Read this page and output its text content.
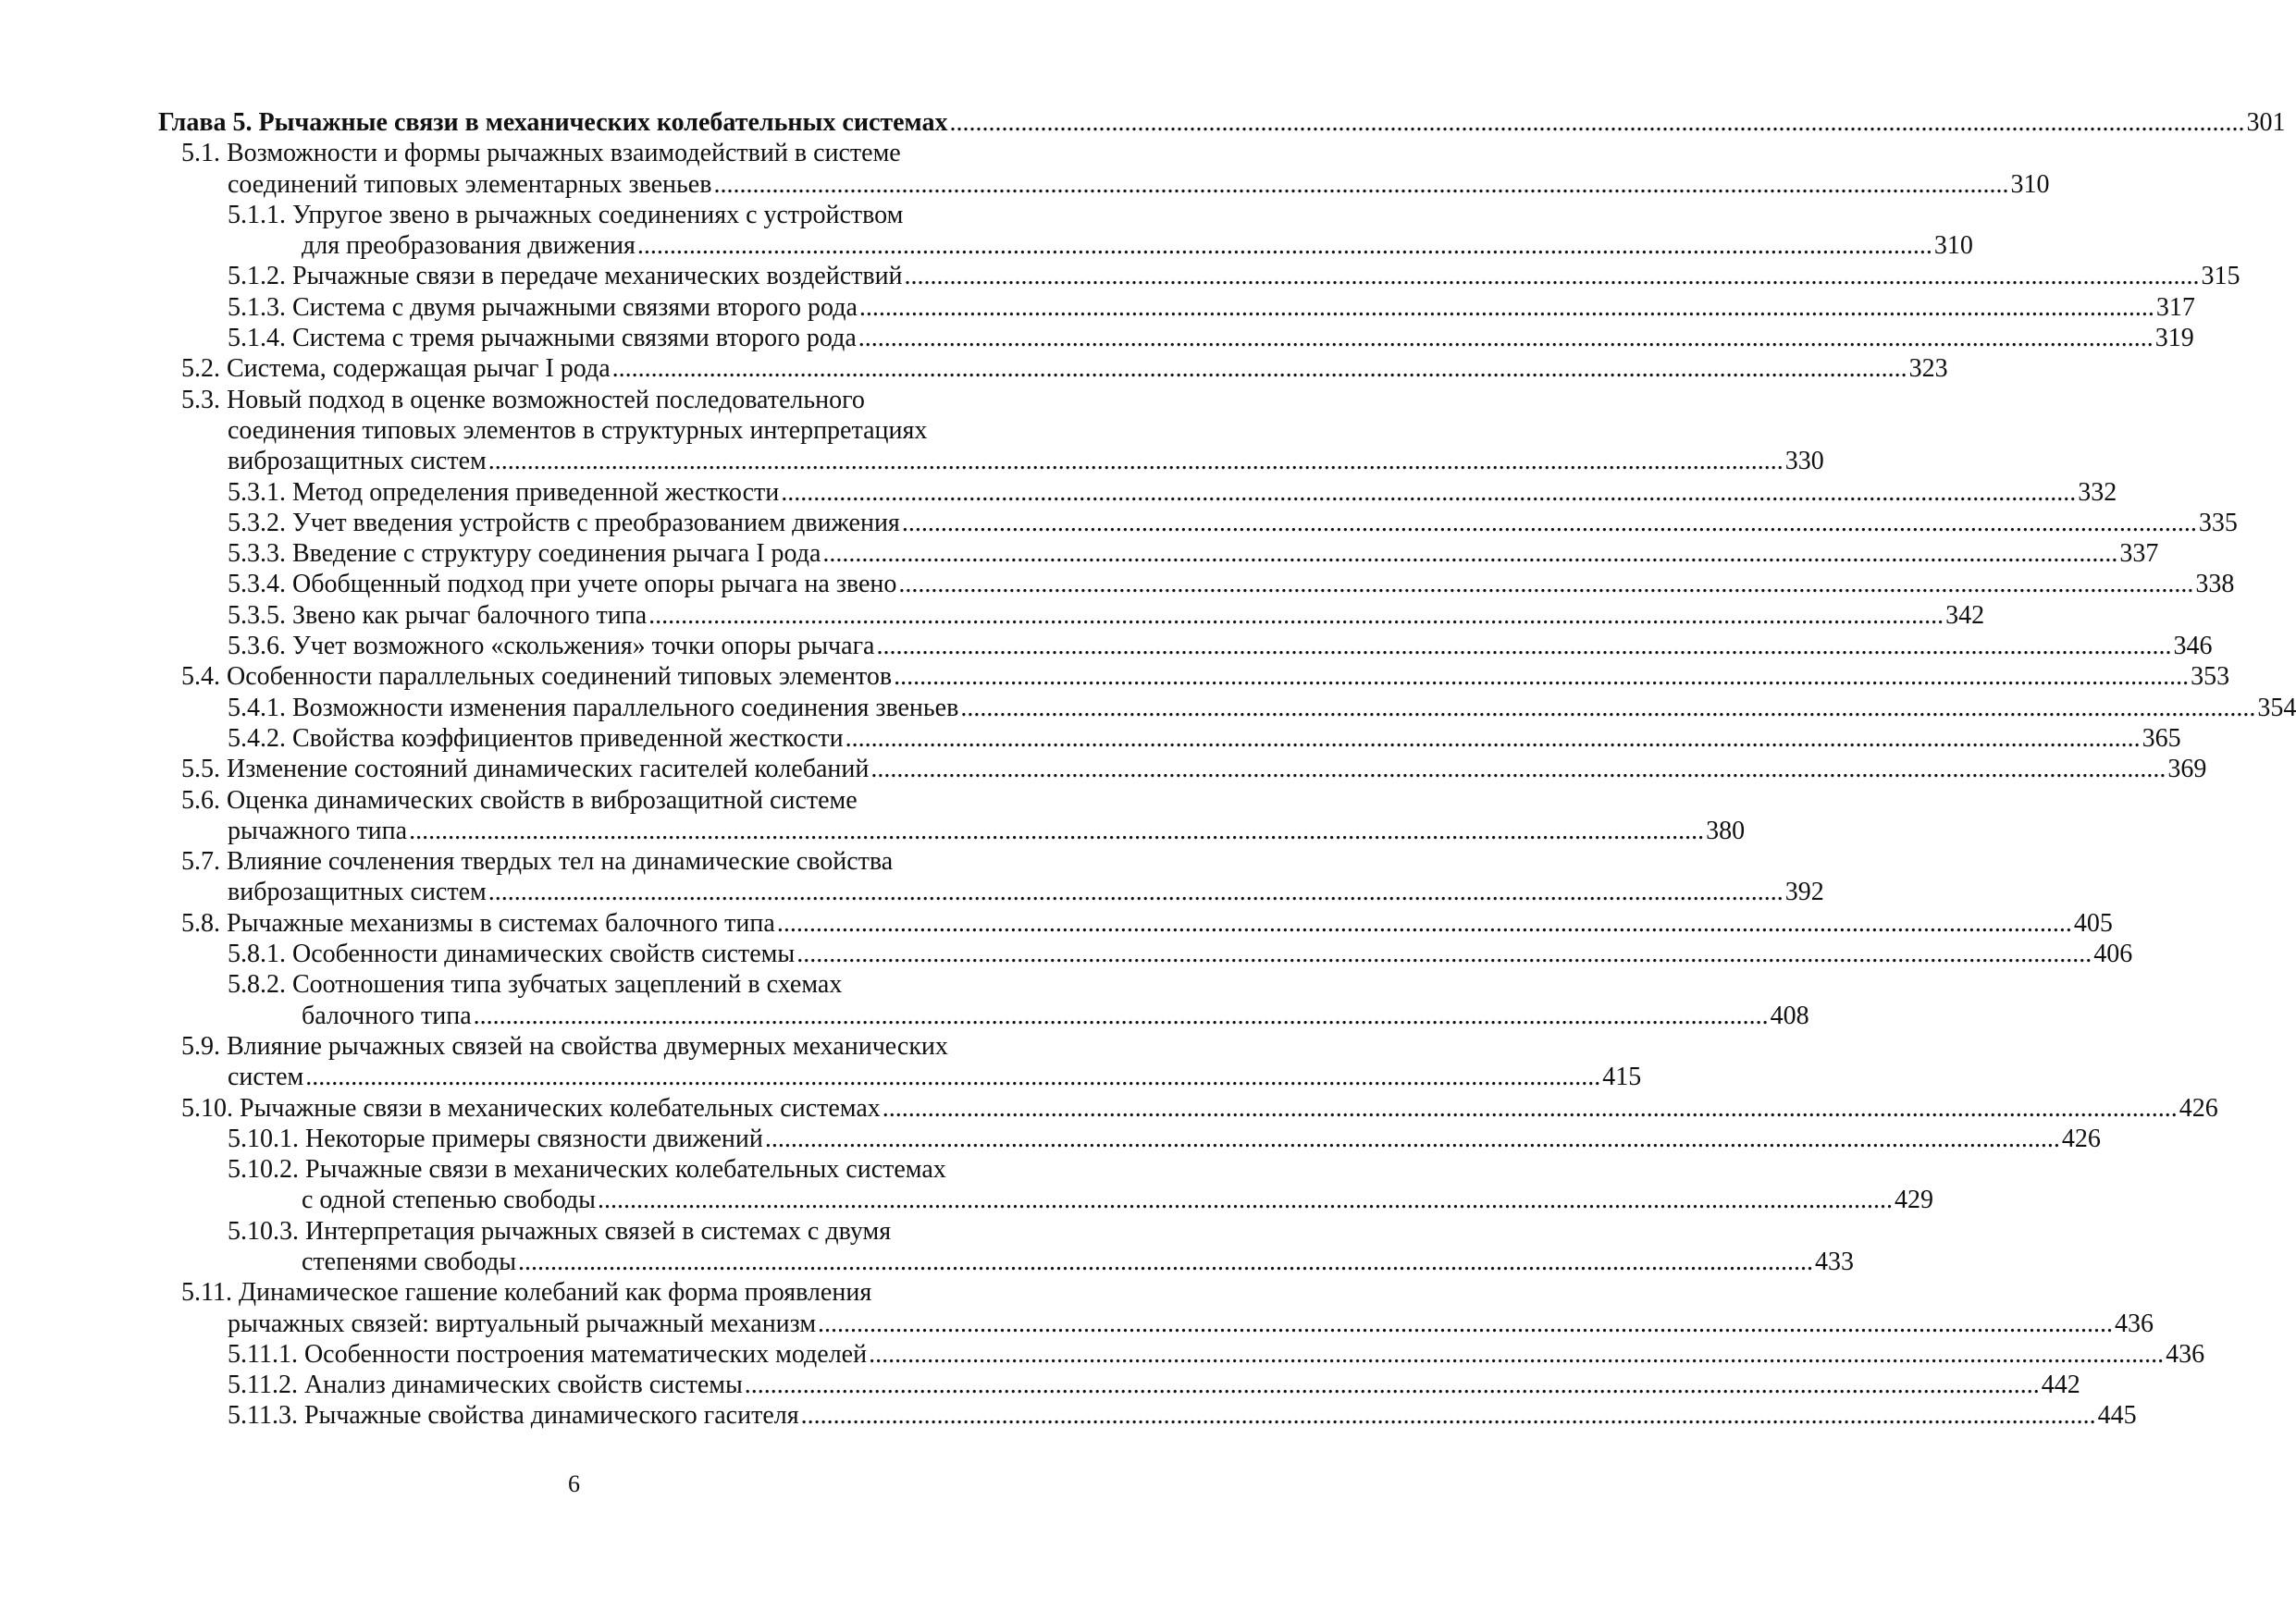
Глава 5. Рычажные связи в механических колебательных системах ........................................................................................................................................................................................................ 301
5.1. Возможности и формы рычажных взаимодействий в системе
соединений типовых элементарных звеньев ........................................................................................................................................................................................................ 310
5.1.1. Упругое звено в рычажных соединениях с устройством
для преобразования движения ........................................................................................................................................................................................................ 310
5.1.2. Рычажные связи в передаче механических воздействий ........................................................................................................................................................................................................ 315
5.1.3. Система с двумя рычажными связями второго рода ........................................................................................................................................................................................................ 317
5.1.4. Система с тремя рычажными связями второго рода ........................................................................................................................................................................................................ 319
5.2. Система, содержащая рычаг I рода ........................................................................................................................................................................................................ 323
5.3. Новый подход в оценке возможностей последовательного
соединения типовых элементов в структурных интерпретациях
виброзащитных систем ........................................................................................................................................................................................................ 330
5.3.1. Метод определения приведенной жесткости ........................................................................................................................................................................................................ 332
5.3.2. Учет введения устройств с преобразованием движения ........................................................................................................................................................................................................ 335
5.3.3. Введение с структуру соединения рычага I рода ........................................................................................................................................................................................................ 337
5.3.4. Обобщенный подход при учете опоры рычага на звено ........................................................................................................................................................................................................ 338
5.3.5. Звено как рычаг балочного типа ........................................................................................................................................................................................................ 342
5.3.6. Учет возможного «скольжения» точки опоры рычага ........................................................................................................................................................................................................ 346
5.4. Особенности параллельных соединений типовых элементов ........................................................................................................................................................................................................ 353
5.4.1. Возможности изменения параллельного соединения звеньев ........................................................................................................................................................................................................ 354
5.4.2. Свойства коэффициентов приведенной жесткости ........................................................................................................................................................................................................ 365
5.5. Изменение состояний динамических гасителей колебаний ........................................................................................................................................................................................................ 369
5.6. Оценка динамических свойств в виброзащитной системе
рычажного типа ........................................................................................................................................................................................................ 380
5.7. Влияние сочленения твердых тел на динамические свойства
виброзащитных систем ........................................................................................................................................................................................................ 392
5.8. Рычажные механизмы в системах балочного типа ........................................................................................................................................................................................................ 405
5.8.1. Особенности динамических свойств системы ........................................................................................................................................................................................................ 406
5.8.2. Соотношения типа зубчатых зацеплений в схемах
балочного типа ........................................................................................................................................................................................................ 408
5.9. Влияние рычажных связей на свойства двумерных механических
систем ........................................................................................................................................................................................................ 415
5.10. Рычажные связи в механических колебательных системах ........................................................................................................................................................................................................ 426
5.10.1. Некоторые примеры связности движений ........................................................................................................................................................................................................ 426
5.10.2. Рычажные связи в механических колебательных системах
с одной степенью свободы ........................................................................................................................................................................................................ 429
5.10.3. Интерпретация рычажных связей в системах с двумя
степенями свободы ........................................................................................................................................................................................................ 433
5.11. Динамическое гашение колебаний как форма проявления
рычажных связей: виртуальный рычажный механизм ........................................................................................................................................................................................................ 436
5.11.1. Особенности построения математических моделей ........................................................................................................................................................................................................ 436
5.11.2. Анализ динамических свойств системы ........................................................................................................................................................................................................ 442
5.11.3. Рычажные свойства динамического гасителя ........................................................................................................................................................................................................ 445
6
